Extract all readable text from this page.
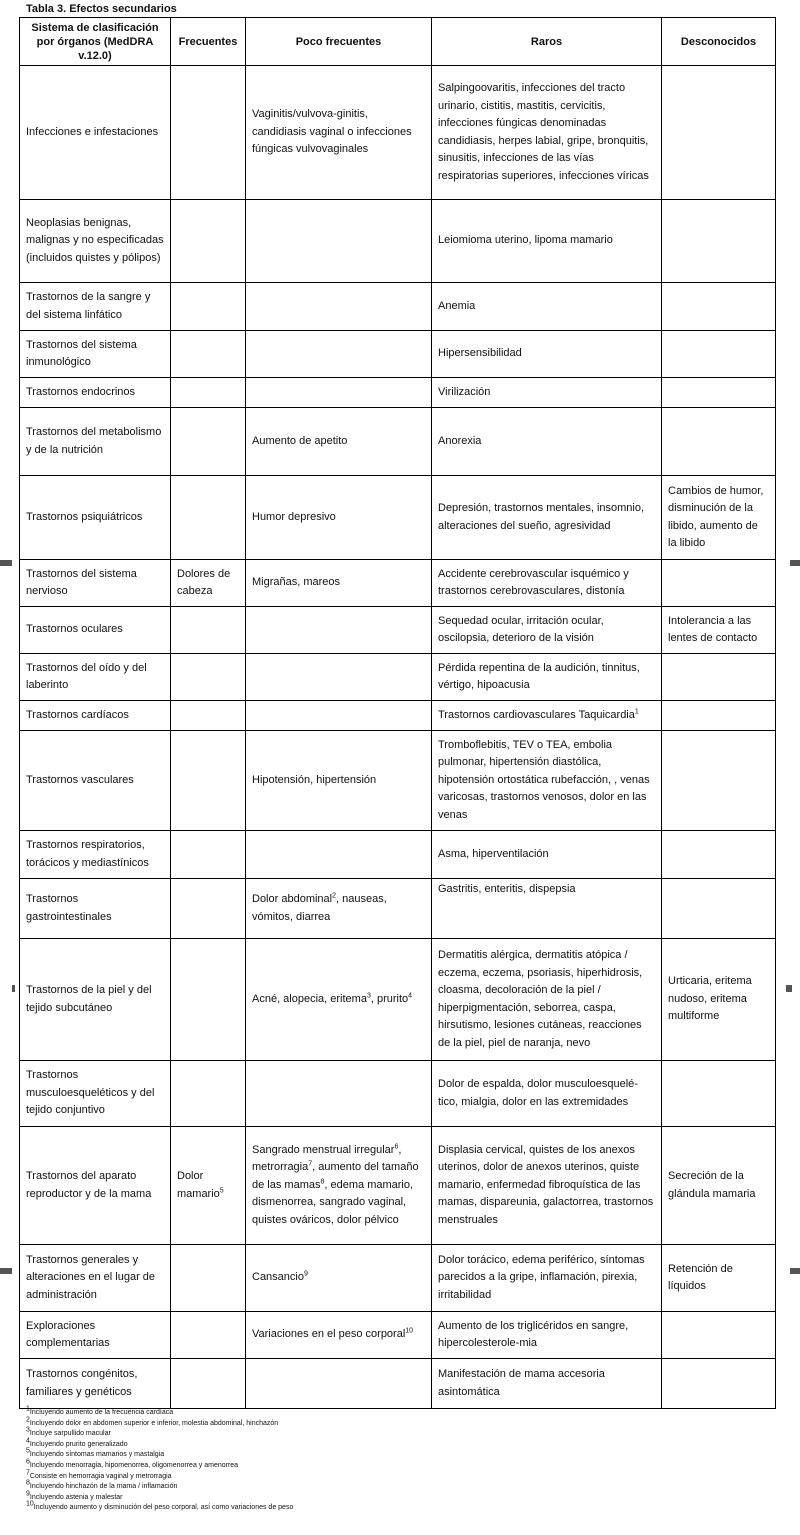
Tabla 3. Efectos secundarios
Sistema de clasificación por órganos (MedDRA v.12.0)	Frecuentes	Poco frecuentes	Raros	Desconocidos
Infecciones e infestaciones		Vaginitis/vulvova-ginitis, candidiasis vaginal o infecciones fúngicas vulvovaginales	Salpingoovaritis, infecciones del tracto urinario, cistitis, mastitis, cervicitis, infecciones fúngicas denominadas candidiasis, herpes labial, gripe, bronquitis, sinusitis, infecciones de las vías respiratorias superiores, infecciones víricas	
Neoplasias benignas, malignas y no especificadas (incluidos quistes y pólipos)			Leiomioma uterino, lipoma mamario	
Trastornos de la sangre y del sistema linfático			Anemia	
Trastornos del sistema inmunológico			Hipersensibilidad	
Trastornos endocrinos			Virilización	
Trastornos del metabolismo y de la nutrición		Aumento de apetito	Anorexia	
Trastornos psiquiátricos		Humor depresivo	Depresión, trastornos mentales, insomnio, alteraciones del sueño, agresividad	Cambios de humor, disminución de la libido, aumento de la libido
Trastornos del sistema nervioso	Dolores de cabeza	Migrañas, mareos	Accidente cerebrovascular isquémico y trastornos cerebrovasculares, distonía	
Trastornos oculares			Sequedad ocular, irritación ocular, oscilopsia, deterioro de la visión	Intolerancia a las lentes de contacto
Trastornos del oído y del laberinto			Pérdida repentina de la audición, tinnitus, vértigo, hipoacusia	
Trastornos cardíacos			Trastornos cardiovasculares Taquicardia$^1$	
Trastornos vasculares		Hipotensión, hipertensión	Tromboflebitis, TEV o TEA, embolia pulmonar, hipertensión diastólica, hipotensión ortostática rubefacción, , venas varicosas, trastornos venosos, dolor en las venas	
Trastornos respiratorios, torácicos y mediastínicos			Asma, hiperventilación	
Trastornos gastrointestinales		Dolor abdominal$^2$, nauseas, vómitos, diarrea	Gastritis, enteritis, dispepsia	
Trastornos de la piel y del tejido subcutáneo		Acné, alopecia, eritema$^3$, prurito$^4$	Dermatitis alérgica, dermatitis atópica / eczema, eczema, psoriasis, hiperhidrosis, cloasma, decoloración de la piel / hiperpigmentación, seborrea, caspa, hirsutismo, lesiones cutáneas, reacciones de la piel, piel de naranja, nevo	Urticaria, eritema nudoso, eritema multiforme
Trastornos musculoesqueléticos y del tejido conjuntivo			Dolor de espalda, dolor musculoesquelé-tico, mialgia, dolor en las extremidades	
Trastornos del aparato reproductor y de la mama	Dolor mamario$^5$	Sangrado menstrual irregular$^6$, metrorragia$^7$, aumento del tamaño de las mamas$^8$, edema mamario, dismenorrea, sangrado vaginal, quistes ováricos, dolor pélvico	Displasia cervical, quistes de los anexos uterinos, dolor de anexos uterinos, quiste mamario, enfermedad fibroquística de las mamas, dispareunia, galactorrea, trastornos menstruales	Secreción de la glándula mamaria
Trastornos generales y alteraciones en el lugar de administración		Cansancio$^9$	Dolor torácico, edema periférico, síntomas parecidos a la gripe, inflamación, pirexia, irritabilidad	Retención de líquidos
Exploraciones complementarias		Variaciones en el peso corporal$^{10}$	Aumento de los triglicéridos en sangre, hipercolesterole-mia	
Trastornos congénitos, familiares y genéticos			Manifestación de mama accesoria asintomática	
$^1$Incluyendo aumento de la frecuencia cardíaca
$^2$Incluyendo dolor en abdomen superior e inferior, molestia abdominal, hinchazón
$^3$Incluye sarpullido macular
$^4$Incluyendo prurito generalizado
$^5$Incluyendo síntomas mamarios y mastalgia
$^6$Incluyendo menorragia, hipomenorrea, oligomenorrea y amenorrea
$^7$Consiste en hemorragia vaginal y metrorragia
$^8$Incluyendo hinchazón de la mama / inflamación
$^9$Incluyendo astenia y malestar
$^{10}$Incluyendo aumento y disminución del peso corporal, así como variaciones de peso
